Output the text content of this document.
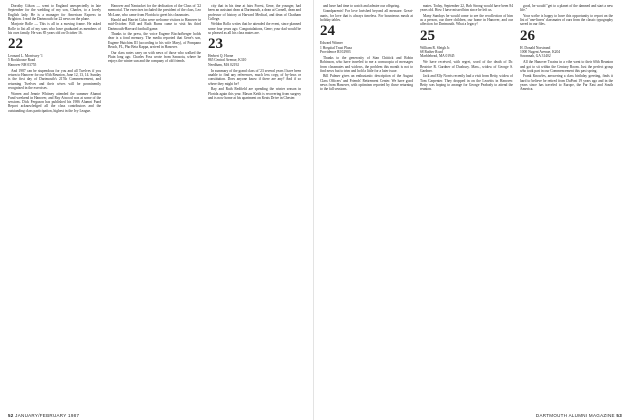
Dorothy Gilson — went to England unexpectedly in late September for the wedding of my son, Charles, to a lovely English lady. He is a manager for American Express in Brighton. I read the Dartmouth for 22 news on the plane.

Marjorie Rolle — This is all in a moving frame. He asked Rolle to list all of my sons who have graduated as members of his own family. He was 85 years old on October 16.

22
Leonard L. Morrissey '1
5 Rockhouse Road
Hanover NH 03755

And 1987 can be stupendous for you and all Twelves if you return to Hanover for our 65th Reunion, June 12, 13, 14. Sunday is the first day of Dartmouth's 217th Commencement, and returning Twelves and their wives will be prominently recognized in the exercises.

Warren and Jennie Whitney attended the summer Alumni Fund weekend in Hanover, and Ray Atwood was at some of the sessions. Dick Ferguson has published his 1986 Alumni Fund Report acknowledged all the class contributors and the outstanding class participation, highest in the Ivy League.

Hanover and Nantucket for the dedication of the Class of '22 memorial. The exercises included the president of the class, Leo McLane, who came from Florida to greet his classmates.

Harold and Harriet Cohn were welcome visitors to Hanover in mid-October. Bill and Ruth Burns came to visit his third Dartmouth-Harvard football game.

Thanks to the press, the voice Eugene Bischofberger holds dear is a fond memory. The media reported that Gene's son, Eugene Hutchins III (according to his wife Mary), of Pompano Beach, FL, Pho Beta Kappa, arrived in Hanover.

Our class notes carry on with news of those who walked the Plain long ago. Charles Foss wrote from Sarasota, where he enjoys the winter sun and the company of old friends.

city that in his time at fairs Forest, Gene, the younger, had been an assistant dean at Dartmouth, a dean at Cornell, dean and professor of history at Harvard Medical, and dean of Chatham College.

Weldon Rollo writes that he attended the event, since planned some four years ago. Congratulations, Gene; your dad would be so pleased as all his class mates are.

23
Herbert Q. Horne
865 Central Avenue, K310
Needham, MA 02192

In summary of the grand class of '23 several years I have been unable to find any references, much less copy, of by-laws or constitution. Does anyone know if there are any? And if so where they might be?

Ray and Ruth Redfield are spending the winter season in Florida again this year. Mason Keith is recovering from surgery and is now home at his apartment on Keats Drive in Chester.

52 JANUARY/FEBRUARY 1987

and have had time to watch and admire our offspring.

Grandparents! For love lavished beyond all measure. Great-aunts, for love that is always timeless. For bounteous meals at holiday tables.

24
Edward Witmer
1 Hospital Trust Plaza
Providence RI 02903

Thanks to the generosity of Stan Chittick and Robin Robinson, who have traveled to me a cornucopia of messages from classmates and widows, the problem this month is not to find news but to trim and hold a little for a later issue.

Bill Palmer gives an enthusiastic description of the August Class Officers' and Friends' Retirement Center. We have good news from Hanover, with optimism reported by those returning to the fall sessions.

mates. Today, September 22, Bob Strong would have been 84 years old. How I have missed him since he left us.

Many Sundays he would come to see the recollection of him as a person, our three children, our home in Hanover, and our affection for Dartmouth. What a legacy!

25
William R. Sleigh Jr.
68 Ruther Road
Marblehead, MA 01945

We have received, with regret, word of the death of Dr. Beatrice R. Gardner of Duxbury. Mass., widow of George S. Gardner.

Jack and Elly Norris recently had a visit from Betty, widow of Tom Carpenter. They dropped in on the Leavitts in Hanover. Betty was hoping to arrange for George Peabody to attend the reunion.

good, he would "get to a planet of the damned and start a new life."

Your scribe is happy to have this opportunity to report on the list of 'one-liners' classmates of ours from the classic typography saved in our files.

26
H. Donald Norstrand
1000 Nugent Avenue, K204
Savannah, GA 31402

All the Hanover Twains in a vibe went to their 60th Reunion and got to sit within the Century Room. Just the perfect group who took part in our Commencement this past spring.

Frank Knowles, answering a class birthday greeting, finds it hard to believe he retired from DuPont 19 years ago and in the years since has traveled to Europe, the Far East and South America.

DARTMOUTH ALUMNI MAGAZINE 53
